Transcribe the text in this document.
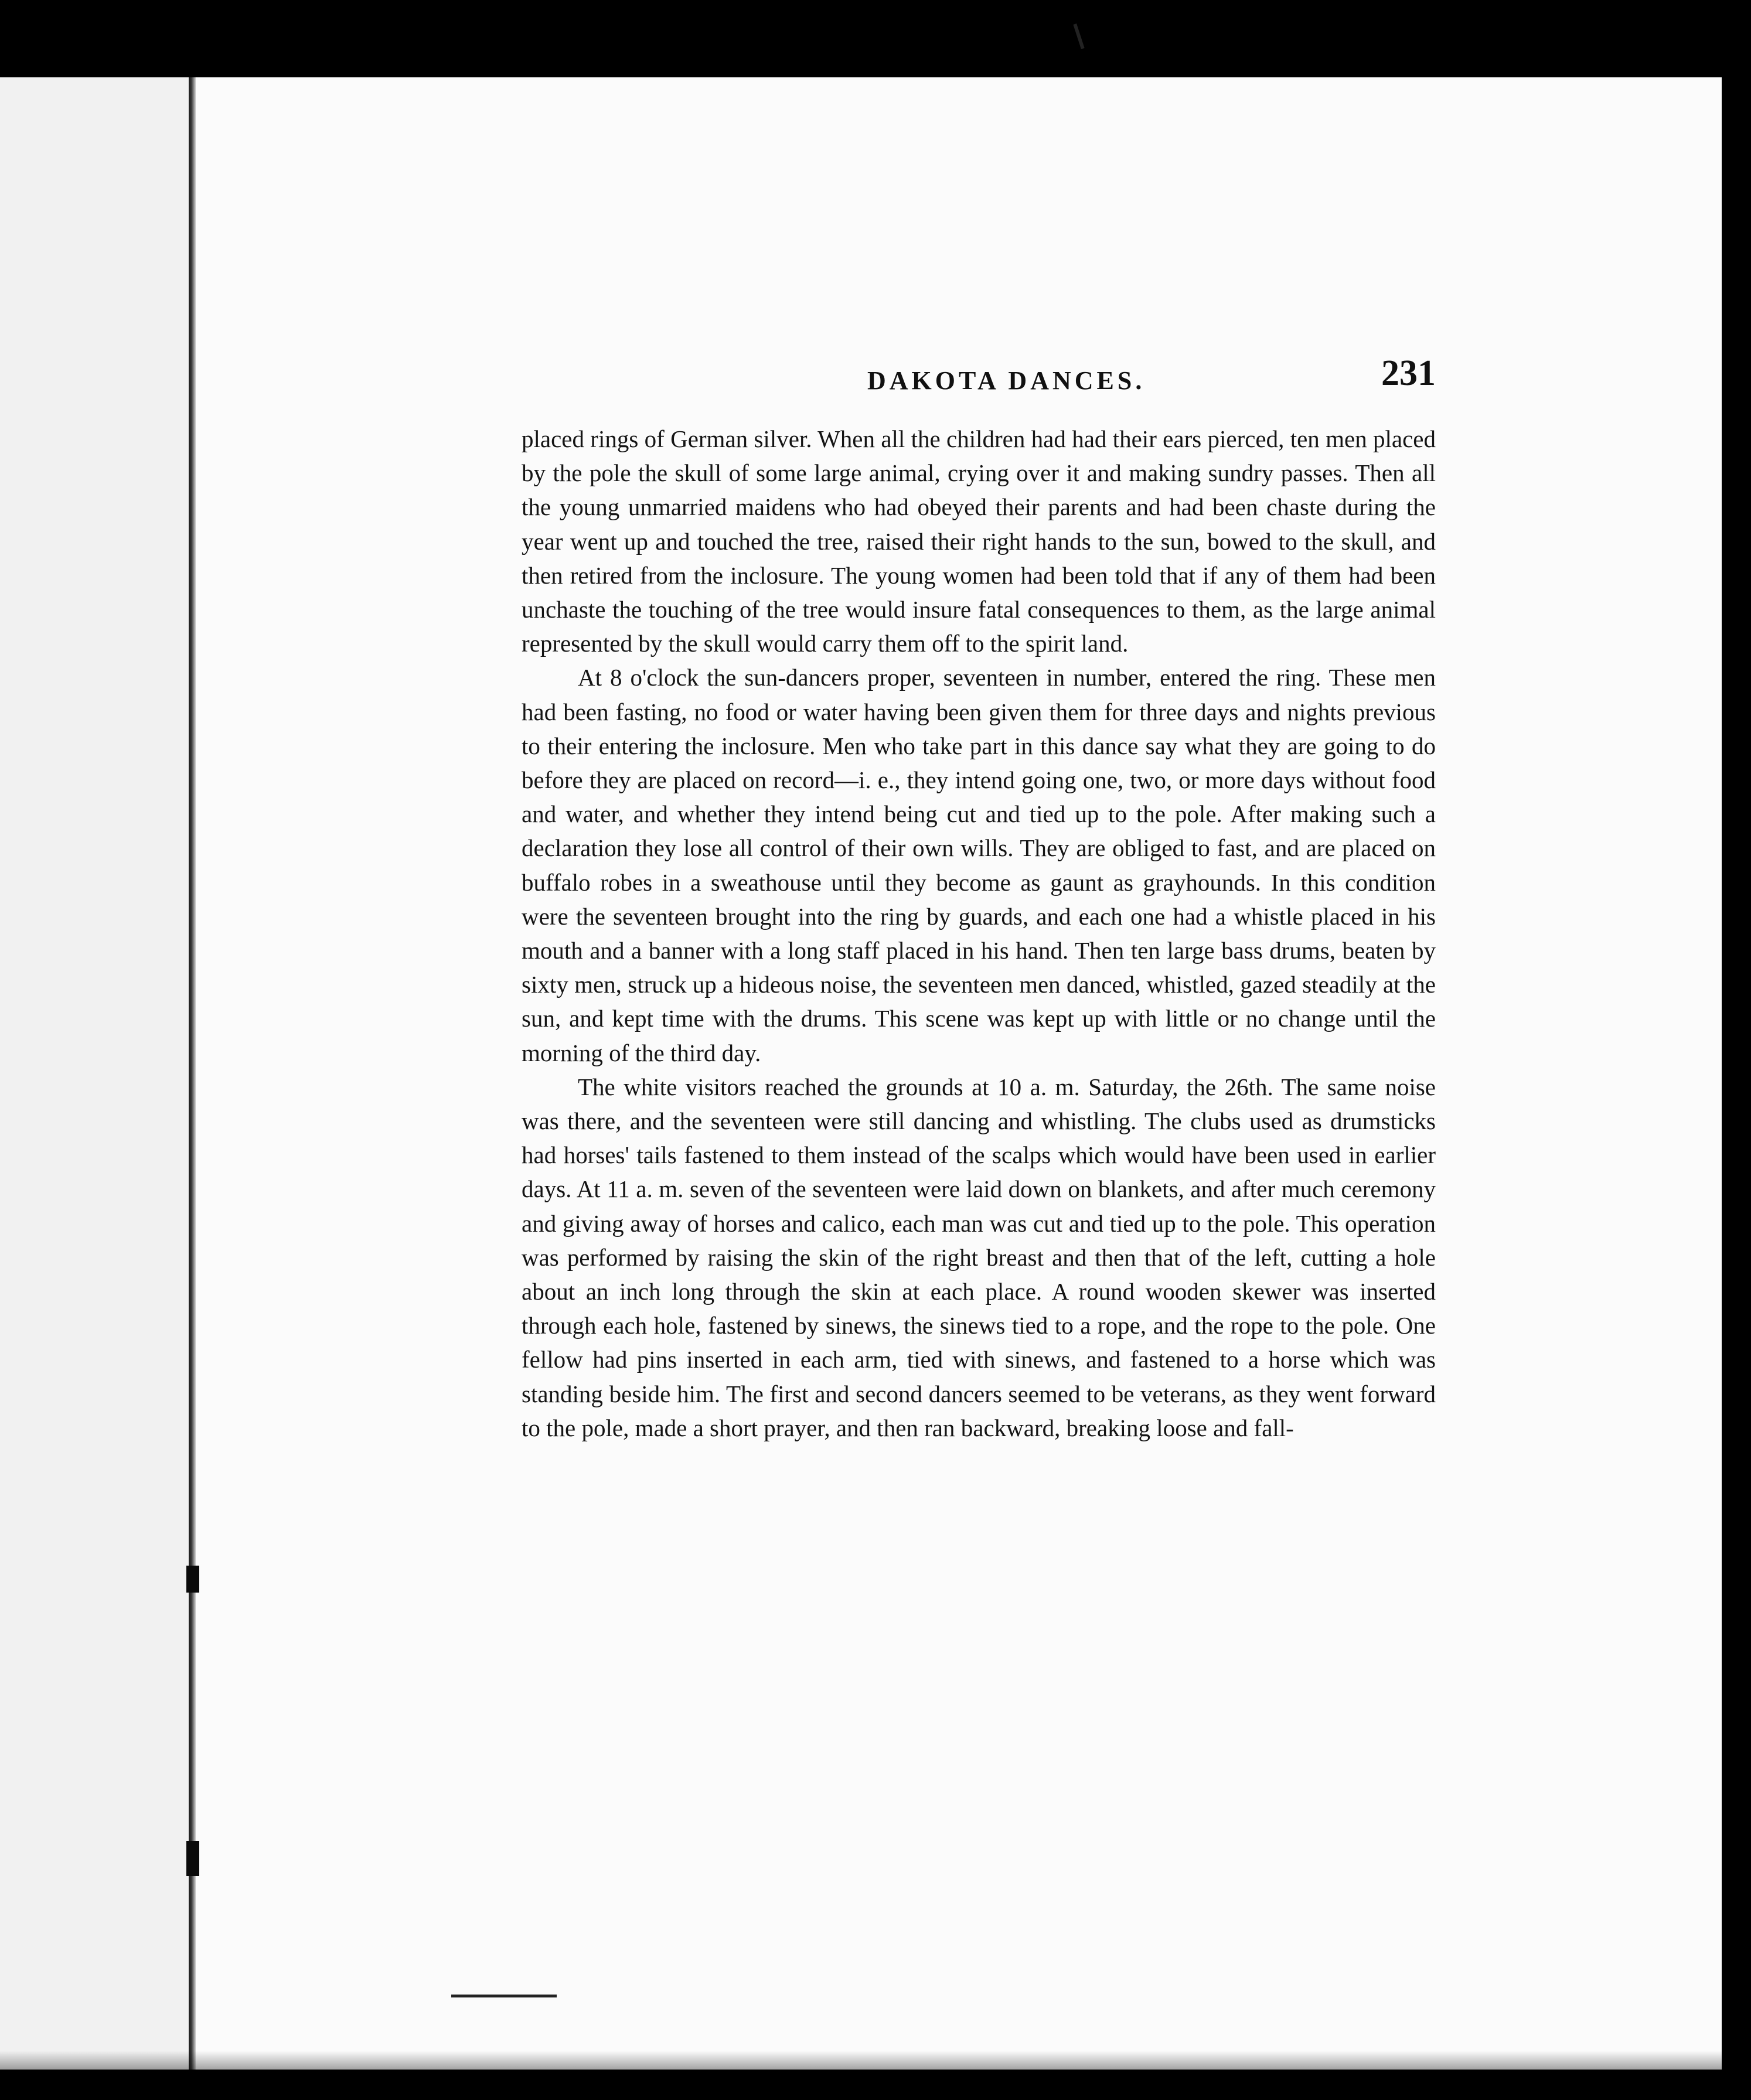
DAKOTA DANCES.	231

placed rings of German silver. When all the children had had their ears pierced, ten men placed by the pole the skull of some large animal, crying over it and making sundry passes. Then all the young unmarried maidens who had obeyed their parents and had been chaste during the year went up and touched the tree, raised their right hands to the sun, bowed to the skull, and then retired from the inclosure. The young women had been told that if any of them had been unchaste the touching of the tree would insure fatal consequences to them, as the large animal represented by the skull would carry them off to the spirit land.

At 8 o'clock the sun-dancers proper, seventeen in number, entered the ring. These men had been fasting, no food or water having been given them for three days and nights previous to their entering the inclosure. Men who take part in this dance say what they are going to do before they are placed on record—i. e., they intend going one, two, or more days without food and water, and whether they intend being cut and tied up to the pole. After making such a declaration they lose all control of their own wills. They are obliged to fast, and are placed on buffalo robes in a sweathouse until they become as gaunt as grayhounds. In this condition were the seventeen brought into the ring by guards, and each one had a whistle placed in his mouth and a banner with a long staff placed in his hand. Then ten large bass drums, beaten by sixty men, struck up a hideous noise, the seventeen men danced, whistled, gazed steadily at the sun, and kept time with the drums. This scene was kept up with little or no change until the morning of the third day.

The white visitors reached the grounds at 10 a. m. Saturday, the 26th. The same noise was there, and the seventeen were still dancing and whistling. The clubs used as drumsticks had horses' tails fastened to them instead of the scalps which would have been used in earlier days. At 11 a. m. seven of the seventeen were laid down on blankets, and after much ceremony and giving away of horses and calico, each man was cut and tied up to the pole. This operation was performed by raising the skin of the right breast and then that of the left, cutting a hole about an inch long through the skin at each place. A round wooden skewer was inserted through each hole, fastened by sinews, the sinews tied to a rope, and the rope to the pole. One fellow had pins inserted in each arm, tied with sinews, and fastened to a horse which was standing beside him. The first and second dancers seemed to be veterans, as they went forward to the pole, made a short prayer, and then ran backward, breaking loose and fall-
